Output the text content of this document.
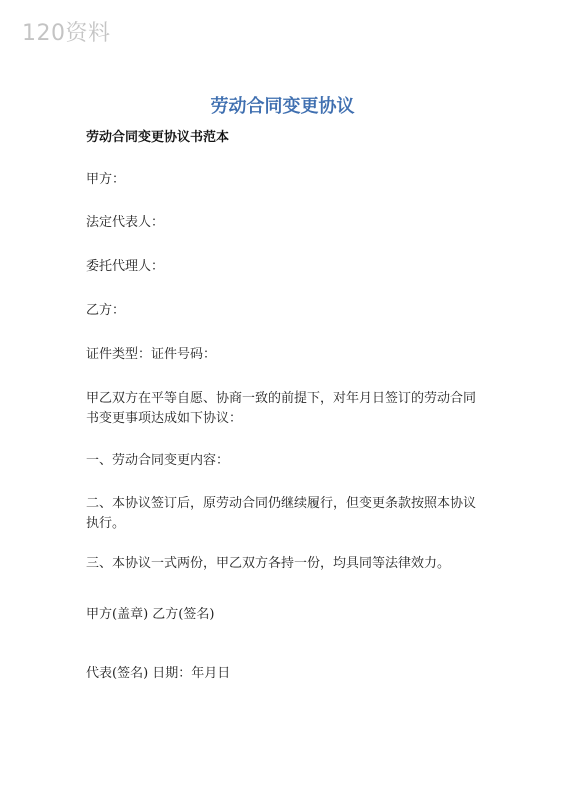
120资料
劳动合同变更协议
劳动合同变更协议书范本
甲方：
法定代表人：
委托代理人：
乙方：
证件类型：证件号码：
甲乙双方在平等自愿、协商一致的前提下，对年月日签订的劳动合同书变更事项达成如下协议：
一、劳动合同变更内容：
二、本协议签订后，原劳动合同仍继续履行，但变更条款按照本协议执行。
三、本协议一式两份，甲乙双方各持一份，均具同等法律效力。
甲方(盖章) 乙方(签名)
代表(签名) 日期：年月日
